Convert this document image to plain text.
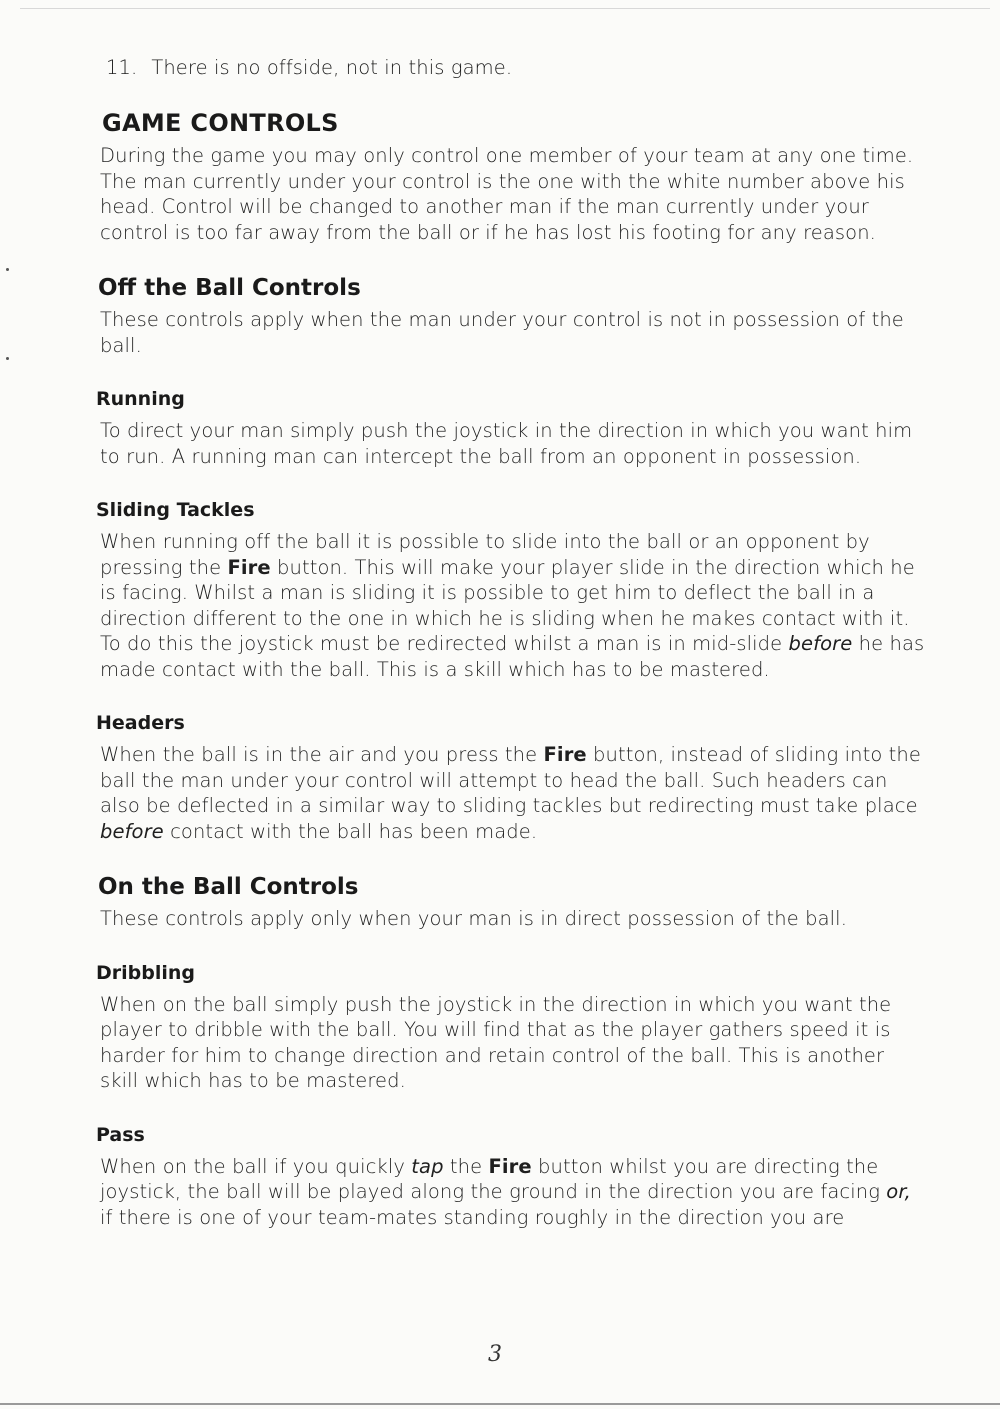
11. There is no offside, not in this game.
GAME CONTROLS

During the game you may only control one member of your team at any one time. The man currently under your control is the one with the white number above his head. Control will be changed to another man if the man currently under your control is too far away from the ball or if he has lost his footing for any reason.

Off the Ball Controls

These controls apply when the man under your control is not in possession of the ball.

Running

To direct your man simply push the joystick in the direction in which you want him to run. A running man can intercept the ball from an opponent in possession.

Sliding Tackles

When running off the ball it is possible to slide into the ball or an opponent by pressing the Fire button. This will make your player slide in the direction which he is facing. Whilst a man is sliding it is possible to get him to deflect the ball in a direction different to the one in which he is sliding when he makes contact with it. To do this the joystick must be redirected whilst a man is in mid-slide before he has made contact with the ball. This is a skill which has to be mastered.

Headers

When the ball is in the air and you press the Fire button, instead of sliding into the ball the man under your control will attempt to head the ball. Such headers can also be deflected in a similar way to sliding tackles but redirecting must take place before contact with the ball has been made.

On the Ball Controls

These controls apply only when your man is in direct possession of the ball.

Dribbling

When on the ball simply push the joystick in the direction in which you want the player to dribble with the ball. You will find that as the player gathers speed it is harder for him to change direction and retain control of the ball. This is another skill which has to be mastered.

Pass

When on the ball if you quickly tap the Fire button whilst you are directing the joystick, the ball will be played along the ground in the direction you are facing or, if there is one of your team-mates standing roughly in the direction you are

3
